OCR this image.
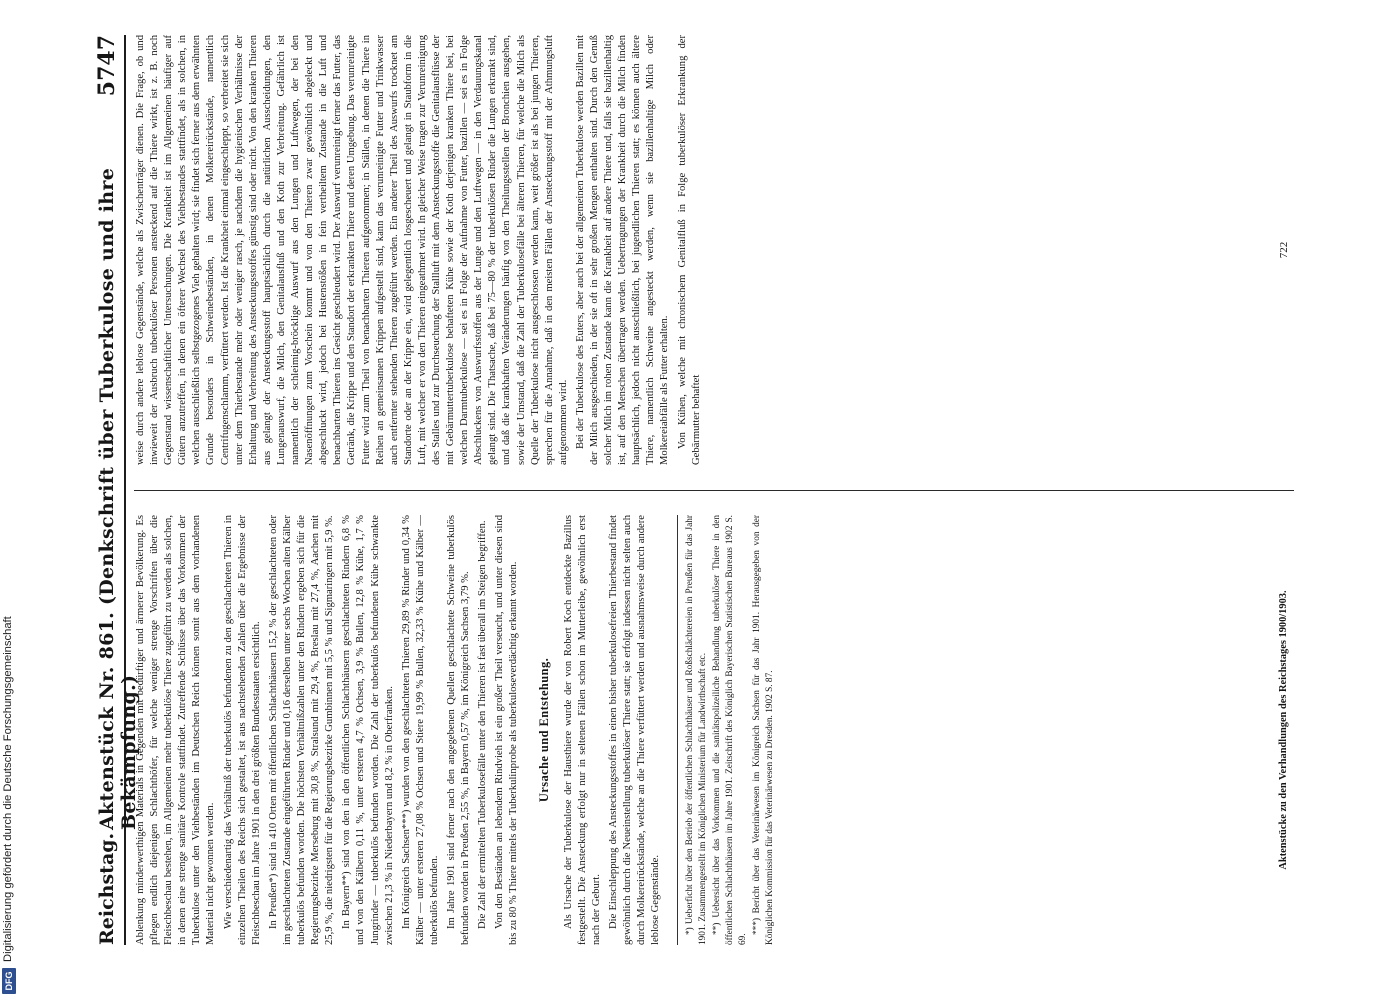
DFG
Digitalisierung gefördert durch die Deutsche Forschungsgemeinschaft	Reichstag.
Aktenstück Nr. 861. (Denkschrift über Tuberkulose und ihre Bekämpfung.)
5747

Ablenkung minderwerthigen Materials in Gegenden mit bedürftiger und ärmerer Bevölkerung. Es pflegen endlich diejenigen Schlachthöfer, für welche weniger strenge Vorschriften über die Fleischbeschau bestehen, im Allgemeinen mehr tuberkulöse Thiere zugeführt zu werden als solchen, in denen eine strenge sanitäre Kontrole stattfindet. Zutreffende Schlüsse über das Vorkommen der Tuberkulose unter den Viehbeständen im Deutschen Reich können somit aus dem vorhandenen Material nicht gewonnen werden. Wie verschiedenartig das Verhältniß der tuberkulös befundenen zu den geschlachteten Thieren in einzelnen Theilen des Reichs sich gestaltet, ist aus nachstehenden Zahlen über die Ergebnisse der Fleischbeschau im Jahre 1901 in den drei größten Bundesstaaten ersichtlich. In Preußen*) sind in 410 Orten mit öffentlichen Schlachthäusern 15,2 % der geschlachteten oder im geschlachteten Zustande eingeführten Rinder und 0,16 derselben unter sechs Wochen alten Kälber tuberkulös befunden worden. Die höchsten Verhältnißzahlen unter den Rindern ergeben sich für die Regierungsbezirke Merseburg mit 30,8 %, Stralsund mit 29,4 %, Breslau mit 27,4 %, Aachen mit 25,9 %, die niedrigsten für die Regierungsbezirke Gumbinnen mit 5,5 % und Sigmaringen mit 5,9 %. In Bayern**) sind von den in den öffentlichen Schlachthäusern geschlachteten Rindern 6,8 % und von den Kälbern 0,11 %, unter ersteren 4,7 % Ochsen, 3,9 % Bullen, 12,8 % Kühe, 1,7 % Jungrinder — tuberkulös befunden worden. Die Zahl der tuberkulös befundenen Kühe schwankte zwischen 21,3 % in Niederbayern und 8,2 % in Oberfranken. Im Königreich Sachsen***) wurden von den geschlachteten Thieren 29,89 % Rinder und 0,34 % Kälber — unter ersteren 27,08 % Ochsen und Stiere 19,99 % Bullen, 32,33 % Kühe und Kälber — tuberkulös befunden. Im Jahre 1901 sind ferner nach den angegebenen Quellen geschlachtete Schweine tuberkulös befunden worden in Preußen 2,55 %, in Bayern 0,57 %, im Königreich Sachsen 3,79 %. Die Zahl der ermittelten Tuberkulosefälle unter den Thieren ist fast überall im Steigen begriffen. Von den Beständen an lebendem Rindvieh ist ein großer Theil verseucht, und unter diesen sind bis zu 80 % Thiere mittels der Tuberkulinprobe als tuberkuloseverdächtig erkannt worden. Ursache und Entstehung. Als Ursache der Tuberkulose der Hausthiere wurde der von Robert Koch entdeckte Bazillus festgestellt. Die Ansteckung erfolgt nur in seltenen Fällen schon im Mutterleibe, gewöhnlich erst nach der Geburt. Die Einschleppung des Ansteckungsstoffes in einen bisher tuberkulosefreien Thierbestand findet gewöhnlich durch die Neueinstellung tuberkulöser Thiere statt; sie erfolgt indessen nicht selten auch durch Molkereirückstände, welche an die Thiere verfüttert werden und ausnahmsweise durch andere leblose Gegenstände.	*) Ueberficht über den Betrieb der öffentlichen Schlachthäuser und Roßschlächtereien in Preußen für das Jahr 1901. Zusammengestellt im Königlichen Ministerium für Landwirthschaft etc. **) Uebersicht über das Vorkommen und die sanitätspolizeiliche Behandlung tuberkulöser Thiere in den öffentlichen Schlachthäusern im Jahre 1901. Zeitschrift des Königlich Bayerischen Statistischen Bureaus 1902 S. 69.

***) Bericht über das Veterinärwesen im Königreich Sachsen für das Jahr 1901. Herausgegeben von der Königlichen Kommission für das Veterinärwesen zu Dresden. 1902 S. 87.

weise durch andere leblose Gegenstände, welche als Zwischenträger dienen. Die Frage, ob und inwieweit der Ausbruch tuberkulöser Personen ansteckend auf die Thiere wirkt, ist z. B. noch Gegenstand wissenschaftlicher Untersuchungen. Die Krankheit ist im Allgemeinen häufiger auf Gütern anzutreffen, in denen ein öfterer Wechsel des Viehbestandes stattfindet, als in solchen, in welchen ausschließlich selbstgezogenes Vieh gehalten wird; sie findet sich ferner aus dem erwähnten Grunde besonders in Schweinebeständen, in denen Molkereirückstände, namentlich Centrifugenschlamm, verfüttert werden. Ist die Krankheit einmal eingeschleppt, so verbreitet sie sich unter dem Thierbestande mehr oder weniger rasch, je nachdem die hygienischen Verhältnisse der Erhaltung und Verbreitung des Ansteckungsstoffes günstig sind oder nicht. Von den kranken Thieren aus gelangt der Ansteckungsstoff hauptsächlich durch die natürlichen Ausscheidungen, den Lungenauswurf, die Milch, den Genitalausfluß und den Koth zur Verbreitung. Gefährlich ist namentlich der schleimig-bröcklige Auswurf aus den Lungen und Luftwegen, der bei den Nasenöffnungen zum Vorschein kommt und von den Thieren zwar gewöhnlich abgeleckt und abgeschluckt wird, jedoch bei Hustenstößen in fein vertheiltem Zustande in die Luft und benachbarten Thieren ins Gesicht geschleudert wird. Der Auswurf verunreinigt ferner das Futter, das Getränk, die Krippe und den Standort der erkrankten Thiere und deren Umgebung. Das verunreinigte Futter wird zum Theil von benachbarten Thieren aufgenommen; in Ställen, in denen die Thiere in Reihen an gemeinsamen Krippen aufgestellt sind, kann das verunreinigte Futter und Trinkwasser auch entfernter stehenden Thieren zugeführt werden. Ein anderer Theil des Auswurfs trocknet am Standorte oder an der Krippe ein, wird gelegentlich losgescheuert und gelangt in Staubform in die Luft, mit welcher er von den Thieren eingeathmet wird. In gleicher Weise tragen zur Verunreinigung des Stalles und zur Durchseuchung der Stallluft mit dem Ansteckungsstoffe die Genitalausflüsse der mit Gebärmuttertuberkulose behafteten Kühe sowie der Koth derjenigen kranken Thiere bei, bei welchen Darmtuberkulose — sei es in Folge der Aufnahme von Futter, bazillen — sei es in Folge Abschluckens von Auswurfsstoffen aus der Lunge und den Luftwegen — in den Verdauungskanal gelangt sind. Die Thatsache, daß bei 75—80 % der tuberkulösen Rinder die Lungen erkrankt sind, und daß die krankhaften Veränderungen häufig von den Theilungsstellen der Bronchien ausgehen, sowie der Umstand, daß die Zahl der Tuberkulosefälle bei älteren Thieren, für welche die Milch als Quelle der Tuberkulose nicht ausgeschlossen werden kann, weit größer ist als bei jungen Thieren, sprechen für die Annahme, daß in den meisten Fällen der Ansteckungsstoff mit der Athmungsluft aufgenommen wird. Bei der Tuberkulose des Euters, aber auch bei der allgemeinen Tuberkulose werden Bazillen mit der Milch ausgeschieden, in der sie oft in sehr großen Mengen enthalten sind. Durch den Genuß solcher Milch im rohen Zustande kann die Krankheit auf andere Thiere und, falls sie bazillenhaltig ist, auf den Menschen übertragen werden. Uebertragungen der Krankheit durch die Milch finden hauptsächlich, jedoch nicht ausschließlich, bei jugendlichen Thieren statt; es können auch ältere Thiere, namentlich Schweine angesteckt werden, wenn sie bazillenhaltige Milch oder Molkereiabfälle als Futter erhalten. Von Kühen, welche mit chronischem Genitalfluß in Folge tuberkulöser Erkrankung der Gebärmutter behaftet

Aktenstücke zu den Verhandlungen des Reichstages 1900/1903.
722
